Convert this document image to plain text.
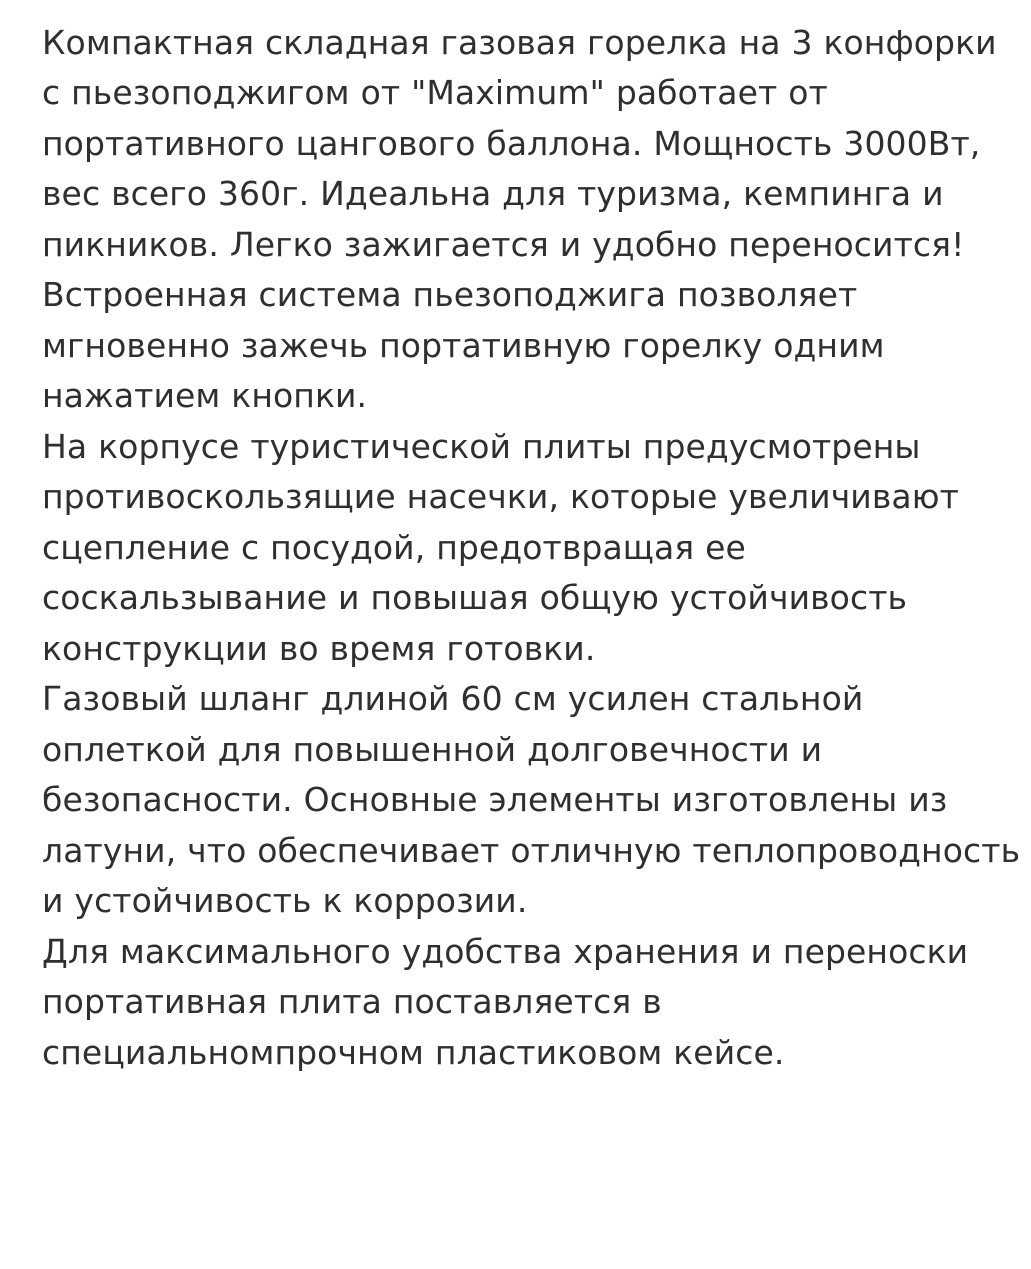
Компактная складная газовая горелка на 3 конфорки с пьезоподжигом от "Maximum" работает от портативного цангового баллона. Мощность 3000Вт, вес всего 360г. Идеальна для туризма, кемпинга и пикников. Легко зажигается и удобно переносится!

Встроенная система пьезоподжига позволяет мгновенно зажечь портативную горелку одним нажатием кнопки.

На корпусе туристической плиты предусмотрены противоскользящие насечки, которые увеличивают сцепление с посудой, предотвращая ее соскальзывание и повышая общую устойчивость конструкции во время готовки.

Газовый шланг длиной 60 см усилен стальной оплеткой для повышенной долговечности и безопасности. Основные элементы изготовлены из латуни, что обеспечивает отличную теплопроводность и устойчивость к коррозии.

Для максимального удобства хранения и переноски портативная плита поставляется в специальномпрочном пластиковом кейсе.
